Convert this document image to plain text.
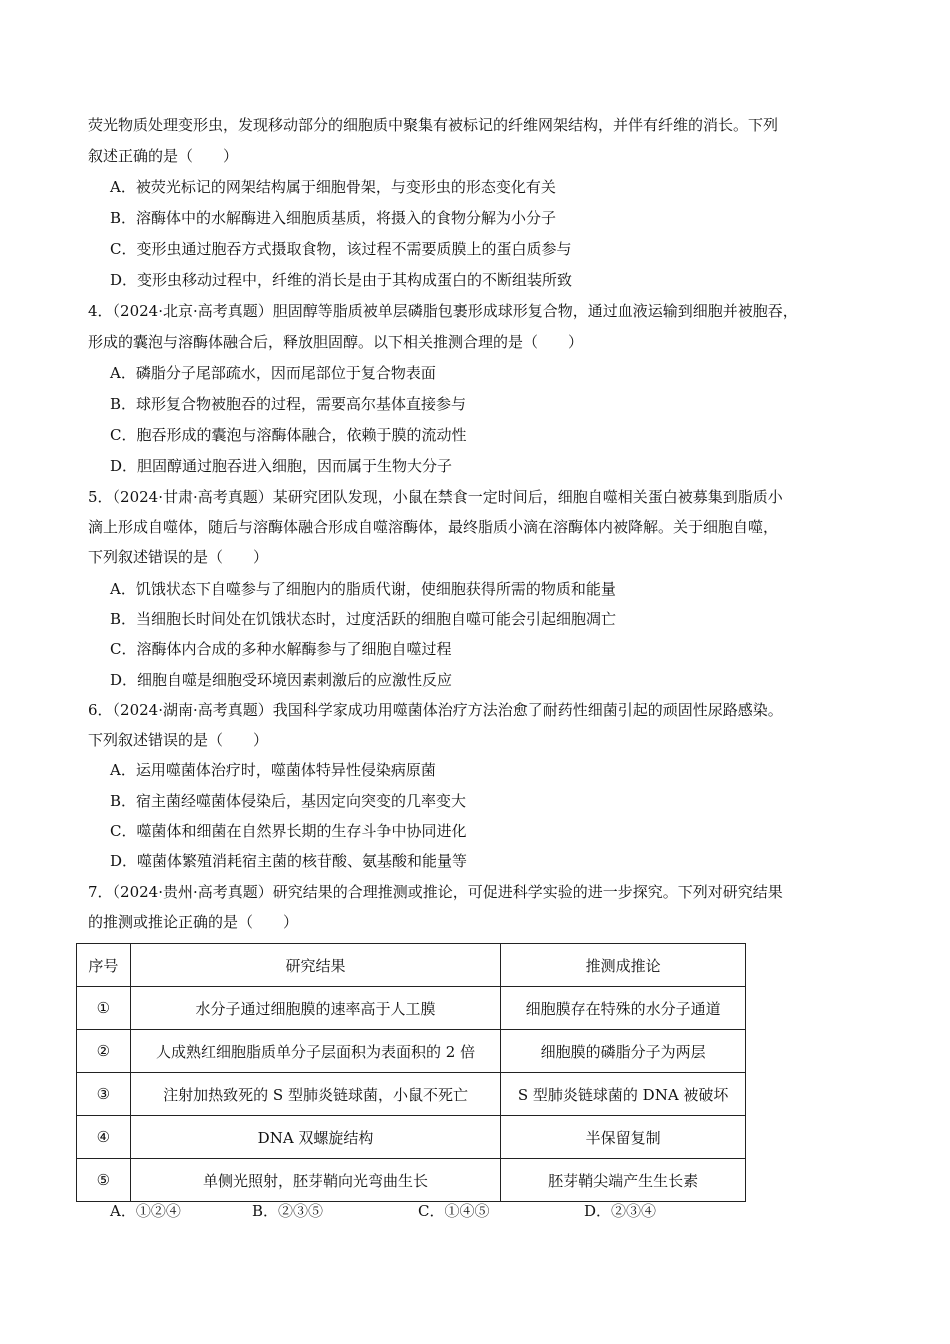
荧光物质处理变形虫，发现移动部分的细胞质中聚集有被标记的纤维网架结构，并伴有纤维的消长。下列
叙述正确的是（　　）
A．被荧光标记的网架结构属于细胞骨架，与变形虫的形态变化有关
B．溶酶体中的水解酶进入细胞质基质，将摄入的食物分解为小分子
C．变形虫通过胞吞方式摄取食物，该过程不需要质膜上的蛋白质参与
D．变形虫移动过程中，纤维的消长是由于其构成蛋白的不断组装所致
4．（2024·北京·高考真题）胆固醇等脂质被单层磷脂包裹形成球形复合物，通过血液运输到细胞并被胞吞，
形成的囊泡与溶酶体融合后，释放胆固醇。以下相关推测合理的是（　　）
A．磷脂分子尾部疏水，因而尾部位于复合物表面
B．球形复合物被胞吞的过程，需要高尔基体直接参与
C．胞吞形成的囊泡与溶酶体融合，依赖于膜的流动性
D．胆固醇通过胞吞进入细胞，因而属于生物大分子
5．（2024·甘肃·高考真题）某研究团队发现，小鼠在禁食一定时间后，细胞自噬相关蛋白被募集到脂质小
滴上形成自噬体，随后与溶酶体融合形成自噬溶酶体，最终脂质小滴在溶酶体内被降解。关于细胞自噬，
下列叙述错误的是（　　）
A．饥饿状态下自噬参与了细胞内的脂质代谢，使细胞获得所需的物质和能量
B．当细胞长时间处在饥饿状态时，过度活跃的细胞自噬可能会引起细胞凋亡
C．溶酶体内合成的多种水解酶参与了细胞自噬过程
D．细胞自噬是细胞受环境因素刺激后的应激性反应
6．（2024·湖南·高考真题）我国科学家成功用噬菌体治疗方法治愈了耐药性细菌引起的顽固性尿路感染。
下列叙述错误的是（　　）
A．运用噬菌体治疗时，噬菌体特异性侵染病原菌
B．宿主菌经噬菌体侵染后，基因定向突变的几率变大
C．噬菌体和细菌在自然界长期的生存斗争中协同进化
D．噬菌体繁殖消耗宿主菌的核苷酸、氨基酸和能量等
7．（2024·贵州·高考真题）研究结果的合理推测或推论，可促进科学实验的进一步探究。下列对研究结果
的推测或推论正确的是（　　）
序号	研究结果	推测成推论
①	水分子通过细胞膜的速率高于人工膜	细胞膜存在特殊的水分子通道
②	人成熟红细胞脂质单分子层面积为表面积的 2 倍	细胞膜的磷脂分子为两层
③	注射加热致死的 S 型肺炎链球菌，小鼠不死亡	S 型肺炎链球菌的 DNA 被破坏
④	DNA 双螺旋结构	半保留复制
⑤	单侧光照射，胚芽鞘向光弯曲生长	胚芽鞘尖端产生生长素
A．①②④	B．②③⑤	C．①④⑤	D．②③④
